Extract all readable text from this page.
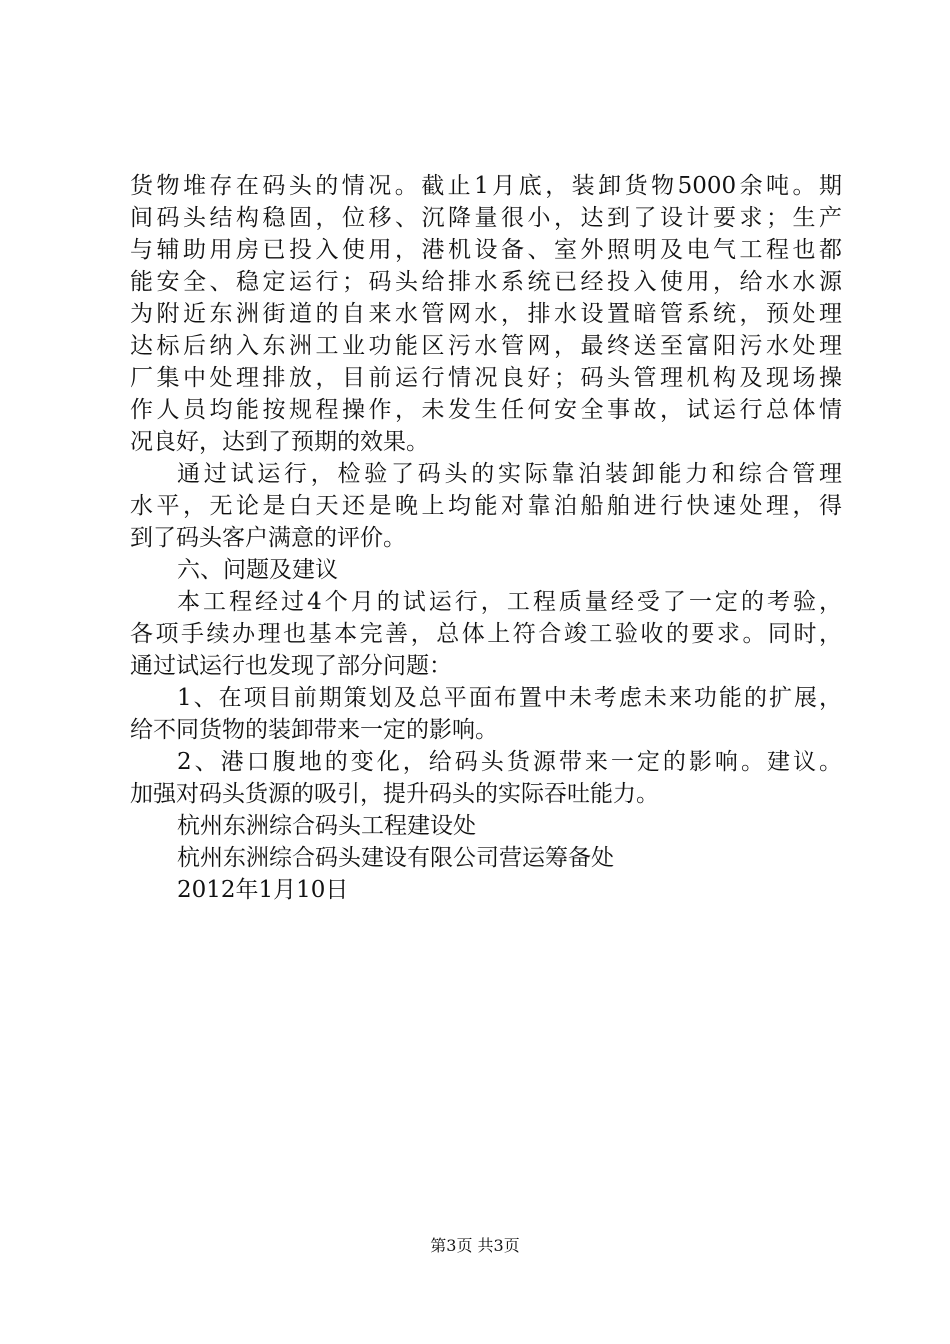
货物堆存在码头的情况。截止1月底，装卸货物5000余吨。期
间码头结构稳固，位移、沉降量很小，达到了设计要求；生产
与辅助用房已投入使用，港机设备、室外照明及电气工程也都
能安全、稳定运行；码头给排水系统已经投入使用，给水水源
为附近东洲街道的自来水管网水，排水设置暗管系统，预处理
达标后纳入东洲工业功能区污水管网，最终送至富阳污水处理
厂集中处理排放，目前运行情况良好；码头管理机构及现场操
作人员均能按规程操作，未发生任何安全事故，试运行总体情
况良好，达到了预期的效果。
通过试运行，检验了码头的实际靠泊装卸能力和综合管理
水平，无论是白天还是晚上均能对靠泊船舶进行快速处理，得
到了码头客户满意的评价。
六、问题及建议
本工程经过4个月的试运行，工程质量经受了一定的考验，
各项手续办理也基本完善，总体上符合竣工验收的要求。同时，
通过试运行也发现了部分问题：
1、在项目前期策划及总平面布置中未考虑未来功能的扩展，
给不同货物的装卸带来一定的影响。
2、港口腹地的变化，给码头货源带来一定的影响。建议。
加强对码头货源的吸引，提升码头的实际吞吐能力。
杭州东洲综合码头工程建设处
杭州东洲综合码头建设有限公司营运筹备处
2012年1月10日
第3页 共3页
